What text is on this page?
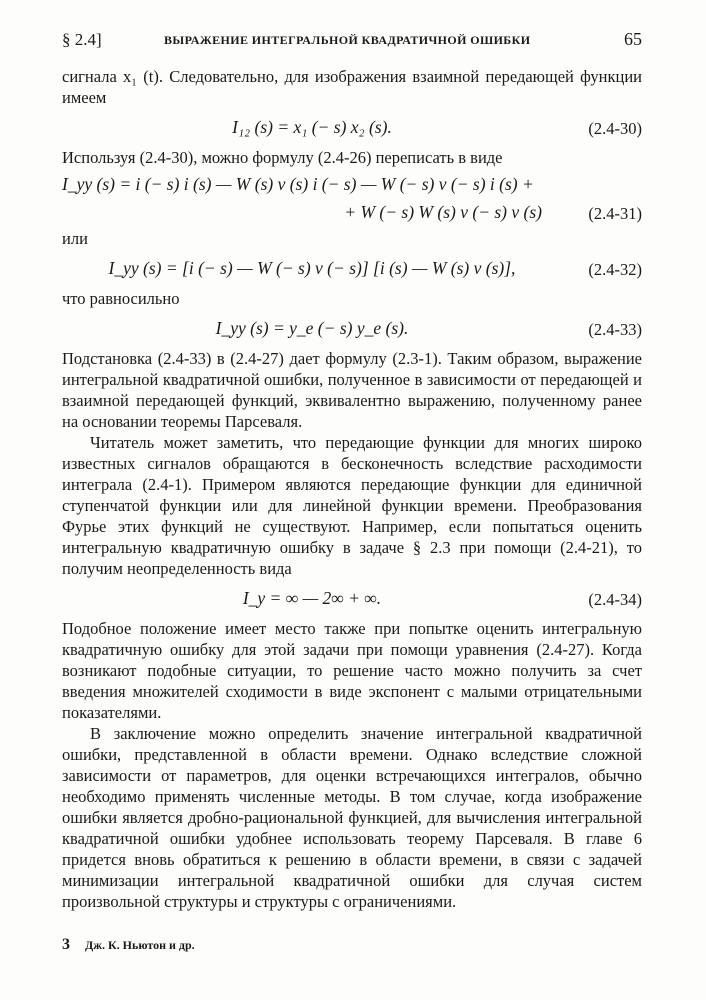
§ 2.4]	ВЫРАЖЕНИЕ ИНТЕГРАЛЬНОЙ КВАДРАТИЧНОЙ ОШИБКИ	65

сигнала x₁ (t). Следовательно, для изображения взаимной передающей функции имеем

I₁₂ (s) = x₁ (− s) x₂ (s).	(2.4-30)

Используя (2.4-30), можно формулу (2.4-26) переписать в виде

I_yy (s) = i (− s) i (s) — W (s) v (s) i (− s) — W (− s) v (− s) i (s) +
+ W (− s) W (s) v (− s) v (s)	(2.4-31)

или

I_yy (s) = [i (− s) — W (− s) v (− s)] [i (s) — W (s) v (s)],	(2.4-32)

что равносильно

I_yy (s) = y_e (− s) y_e (s).	(2.4-33)

Подстановка (2.4-33) в (2.4-27) дает формулу (2.3-1). Таким образом, выражение интегральной квадратичной ошибки, полученное в зависимости от передающей и взаимной передающей функций, эквивалентно выражению, полученному ранее на основании теоремы Парсеваля.

Читатель может заметить, что передающие функции для многих широко известных сигналов обращаются в бесконечность вследствие расходимости интеграла (2.4-1). Примером являются передающие функции для единичной ступенчатой функции или для линейной функции времени. Преобразования Фурье этих функций не существуют. Например, если попытаться оценить интегральную квадратичную ошибку в задаче § 2.3 при помощи (2.4-21), то получим неопределенность вида

I_y = ∞ — 2∞ + ∞.	(2.4-34)

Подобное положение имеет место также при попытке оценить интегральную квадратичную ошибку для этой задачи при помощи уравнения (2.4-27). Когда возникают подобные ситуации, то решение часто можно получить за счет введения множителей сходимости в виде экспонент с малыми отрицательными показателями.

В заключение можно определить значение интегральной квадратичной ошибки, представленной в области времени. Однако вследствие сложной зависимости от параметров, для оценки встречающихся интегралов, обычно необходимо применять численные методы. В том случае, когда изображение ошибки является дробно-рациональной функцией, для вычисления интегральной квадратичной ошибки удобнее использовать теорему Парсеваля. В главе 6 придется вновь обратиться к решению в области времени, в связи с задачей минимизации интегральной квадратичной ошибки для случая систем произвольной структуры и структуры с ограничениями.

3 Дж. К. Ньютон и др.
